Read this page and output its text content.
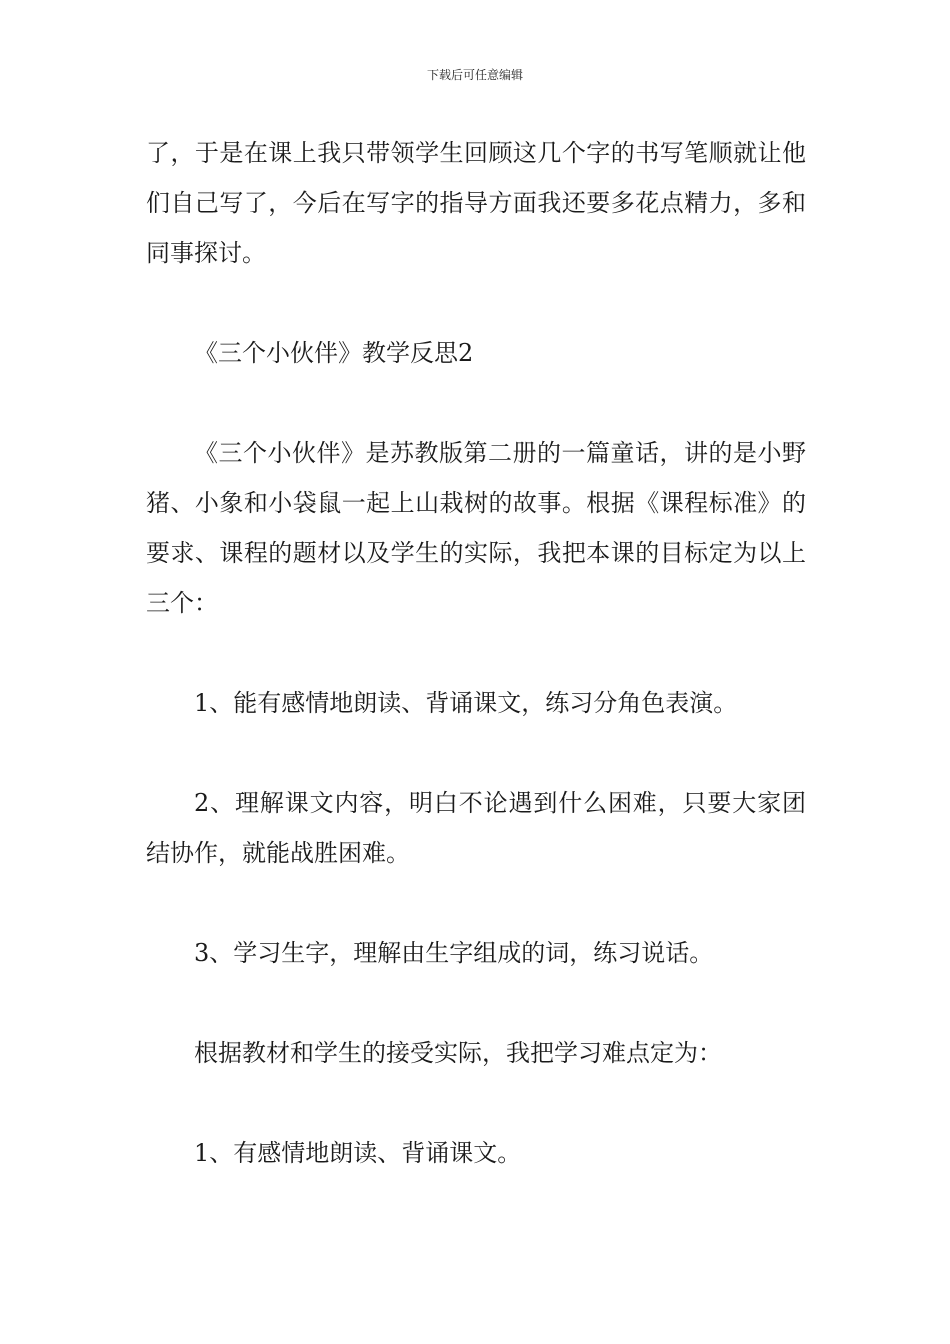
下载后可任意编辑

了，于是在课上我只带领学生回顾这几个字的书写笔顺就让他们自己写了，今后在写字的指导方面我还要多花点精力，多和同事探讨。

《三个小伙伴》教学反思2

《三个小伙伴》是苏教版第二册的一篇童话，讲的是小野猪、小象和小袋鼠一起上山栽树的故事。根据《课程标准》的要求、课程的题材以及学生的实际，我把本课的目标定为以上三个：

1、能有感情地朗读、背诵课文，练习分角色表演。

2、理解课文内容，明白不论遇到什么困难，只要大家团结协作，就能战胜困难。

3、学习生字，理解由生字组成的词，练习说话。

根据教材和学生的接受实际，我把学习难点定为：

1、有感情地朗读、背诵课文。
